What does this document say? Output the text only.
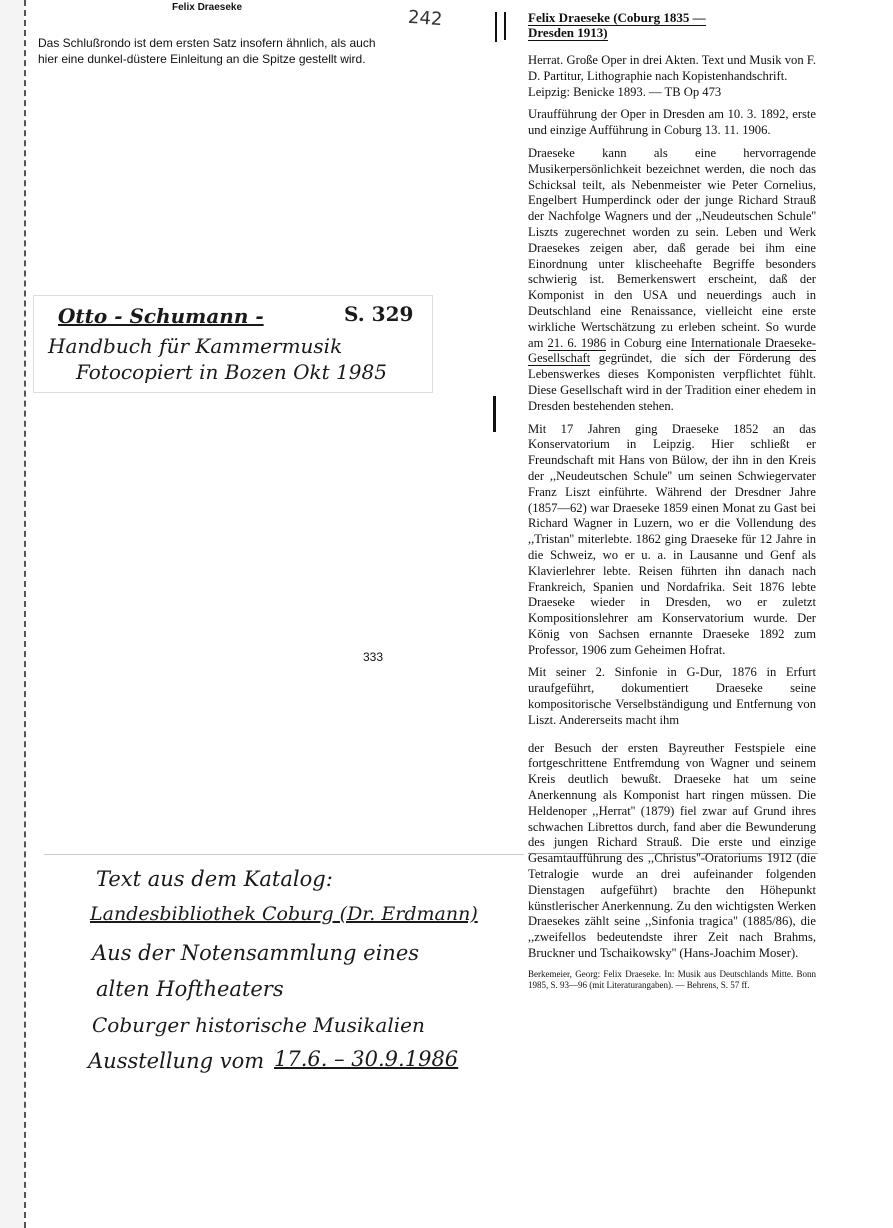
Felix Draeseke
Das Schlußrondo ist dem ersten Satz insofern ähnlich, als auch hier eine dunkel-düstere Einleitung an die Spitze gestellt wird.
242
333
Otto - Schumann -	S. 329
Handbuch für Kammermusik
Fotocopiert in Bozen Okt 1985
Text aus dem Katalog:
Landesbibliothek Coburg (Dr. Erdmann)
Aus der Notensammlung eines
alten Hoftheaters
Coburger historische Musikalien
Ausstellung vom 17.6. – 30.9.1986

Felix Draeseke (Coburg 1835 —
Dresden 1913)

Herrat. Große Oper in drei Akten. Text und Musik von F. D. Partitur, Lithographie nach Kopistenhandschrift.
Leipzig: Benicke 1893. — TB Op 473

Uraufführung der Oper in Dresden am 10. 3. 1892, erste und einzige Aufführung in Coburg 13. 11. 1906.

Draeseke kann als eine hervorragende Musikerpersönlichkeit bezeichnet werden, die noch das Schicksal teilt, als Nebenmeister wie Peter Cornelius, Engelbert Humperdinck oder der junge Richard Strauß der Nachfolge Wagners und der ,,Neudeutschen Schule'' Liszts zugerechnet worden zu sein. Leben und Werk Draesekes zeigen aber, daß gerade bei ihm eine Einordnung unter klischeehafte Begriffe besonders schwierig ist. Bemerkenswert erscheint, daß der Komponist in den USA und neuerdings auch in Deutschland eine Renaissance, vielleicht eine erste wirkliche Wertschätzung zu erleben scheint. So wurde am 21. 6. 1986 in Coburg eine Internationale Draeseke-Gesellschaft gegründet, die sich der Förderung des Lebenswerkes dieses Komponisten verpflichtet fühlt. Diese Gesellschaft wird in der Tradition einer ehedem in Dresden bestehenden stehen.

Mit 17 Jahren ging Draeseke 1852 an das Konservatorium in Leipzig. Hier schließt er Freundschaft mit Hans von Bülow, der ihn in den Kreis der ,,Neudeutschen Schule'' um seinen Schwiegervater Franz Liszt einführte. Während der Dresdner Jahre (1857—62) war Draeseke 1859 einen Monat zu Gast bei Richard Wagner in Luzern, wo er die Vollendung des ,,Tristan'' miterlebte. 1862 ging Draeseke für 12 Jahre in die Schweiz, wo er u. a. in Lausanne und Genf als Klavierlehrer lebte. Reisen führten ihn danach nach Frankreich, Spanien und Nordafrika. Seit 1876 lebte Draeseke wieder in Dresden, wo er zuletzt Kompositionslehrer am Konservatorium wurde. Der König von Sachsen ernannte Draeseke 1892 zum Professor, 1906 zum Geheimen Hofrat.

Mit seiner 2. Sinfonie in G-Dur, 1876 in Erfurt uraufgeführt, dokumentiert Draeseke seine kompositorische Verselbständigung und Entfernung von Liszt. Andererseits macht ihm

der Besuch der ersten Bayreuther Festspiele eine fortgeschrittene Entfremdung von Wagner und seinem Kreis deutlich bewußt. Draeseke hat um seine Anerkennung als Komponist hart ringen müssen. Die Heldenoper ,,Herrat'' (1879) fiel zwar auf Grund ihres schwachen Librettos durch, fand aber die Bewunderung des jungen Richard Strauß. Die erste und einzige Gesamtaufführung des ,,Christus''-Oratoriums 1912 (die Tetralogie wurde an drei aufeinander folgenden Dienstagen aufgeführt) brachte den Höhepunkt künstlerischer Anerkennung. Zu den wichtigsten Werken Draesekes zählt seine ,,Sinfonia tragica'' (1885/86), die ,,zweifellos bedeutendste ihrer Zeit nach Brahms, Bruckner und Tschaikowsky'' (Hans-Joachim Moser).

Berkemeier, Georg: Felix Draeseke. In: Musik aus Deutschlands Mitte. Bonn 1985, S. 93—96 (mit Literaturangaben). — Behrens, S. 57 ff.
